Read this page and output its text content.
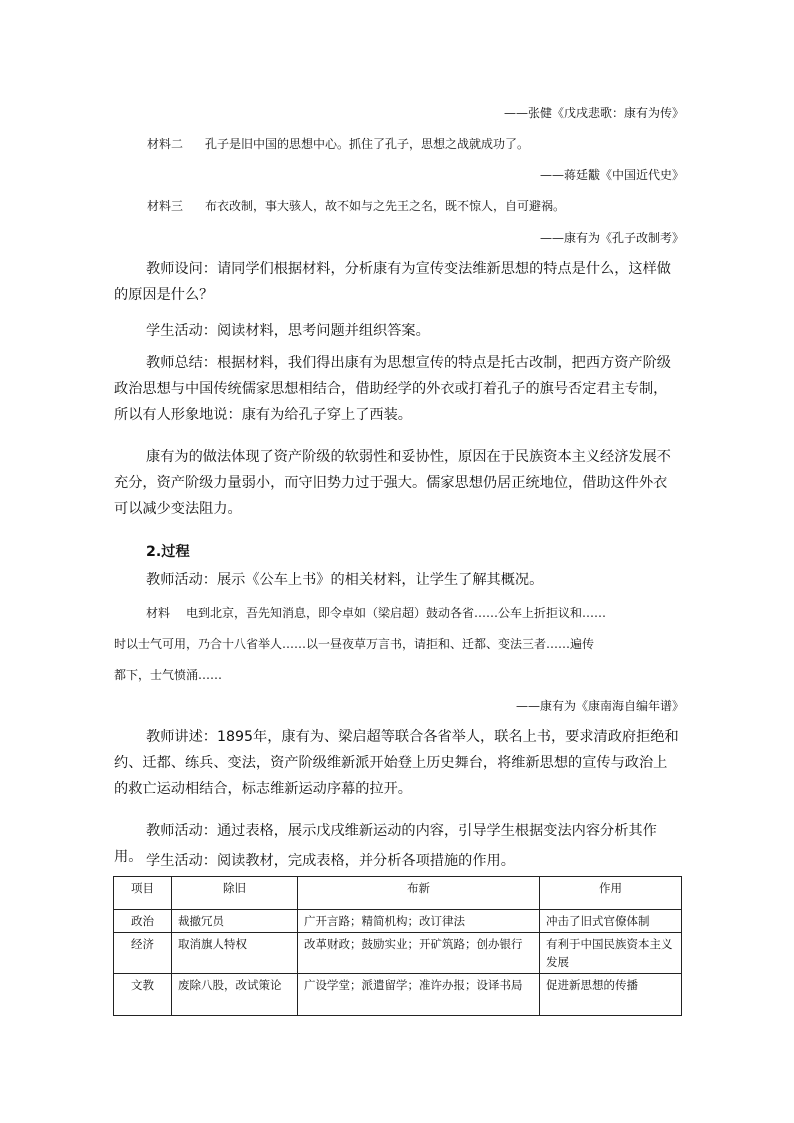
——张健《戊戌悲歌：康有为传》
材料二 孔子是旧中国的思想中心。抓住了孔子，思想之战就成功了。
——蒋廷黻《中国近代史》
材料三 布衣改制，事大骇人，故不如与之先王之名，既不惊人，自可避祸。
——康有为《孔子改制考》
教师设问：请同学们根据材料，分析康有为宣传变法维新思想的特点是什么，这样做的原因是什么？
学生活动：阅读材料，思考问题并组织答案。
教师总结：根据材料，我们得出康有为思想宣传的特点是托古改制，把西方资产阶级政治思想与中国传统儒家思想相结合，借助经学的外衣或打着孔子的旗号否定君主专制，所以有人形象地说：康有为给孔子穿上了西装。
康有为的做法体现了资产阶级的软弱性和妥协性，原因在于民族资本主义经济发展不充分，资产阶级力量弱小，而守旧势力过于强大。儒家思想仍居正统地位，借助这件外衣可以减少变法阻力。
2.过程
教师活动：展示《公车上书》的相关材料，让学生了解其概况。
材料 电到北京，吾先知消息，即令卓如（梁启超）鼓动各省……公车上折拒议和……
时以士气可用，乃合十八省举人……以一昼夜草万言书，请拒和、迁都、变法三者……遍传
都下，士气愤涌……
——康有为《康南海自编年谱》
教师讲述：1895年，康有为、梁启超等联合各省举人，联名上书，要求清政府拒绝和约、迁都、练兵、变法，资产阶级维新派开始登上历史舞台，将维新思想的宣传与政治上的救亡运动相结合，标志维新运动序幕的拉开。
教师活动：通过表格，展示戊戌维新运动的内容，引导学生根据变法内容分析其作用。 学生活动：阅读教材，完成表格，并分析各项措施的作用。
项目	除旧	布新	作用
政治	裁撤冗员	广开言路；精简机构；改订律法	冲击了旧式官僚体制
经济	取消旗人特权	改革财政；鼓励实业；开矿筑路；创办银行	有利于中国民族资本主义发展
文教	废除八股，改试策论	广设学堂；派遣留学；准许办报；设译书局	促进新思想的传播
